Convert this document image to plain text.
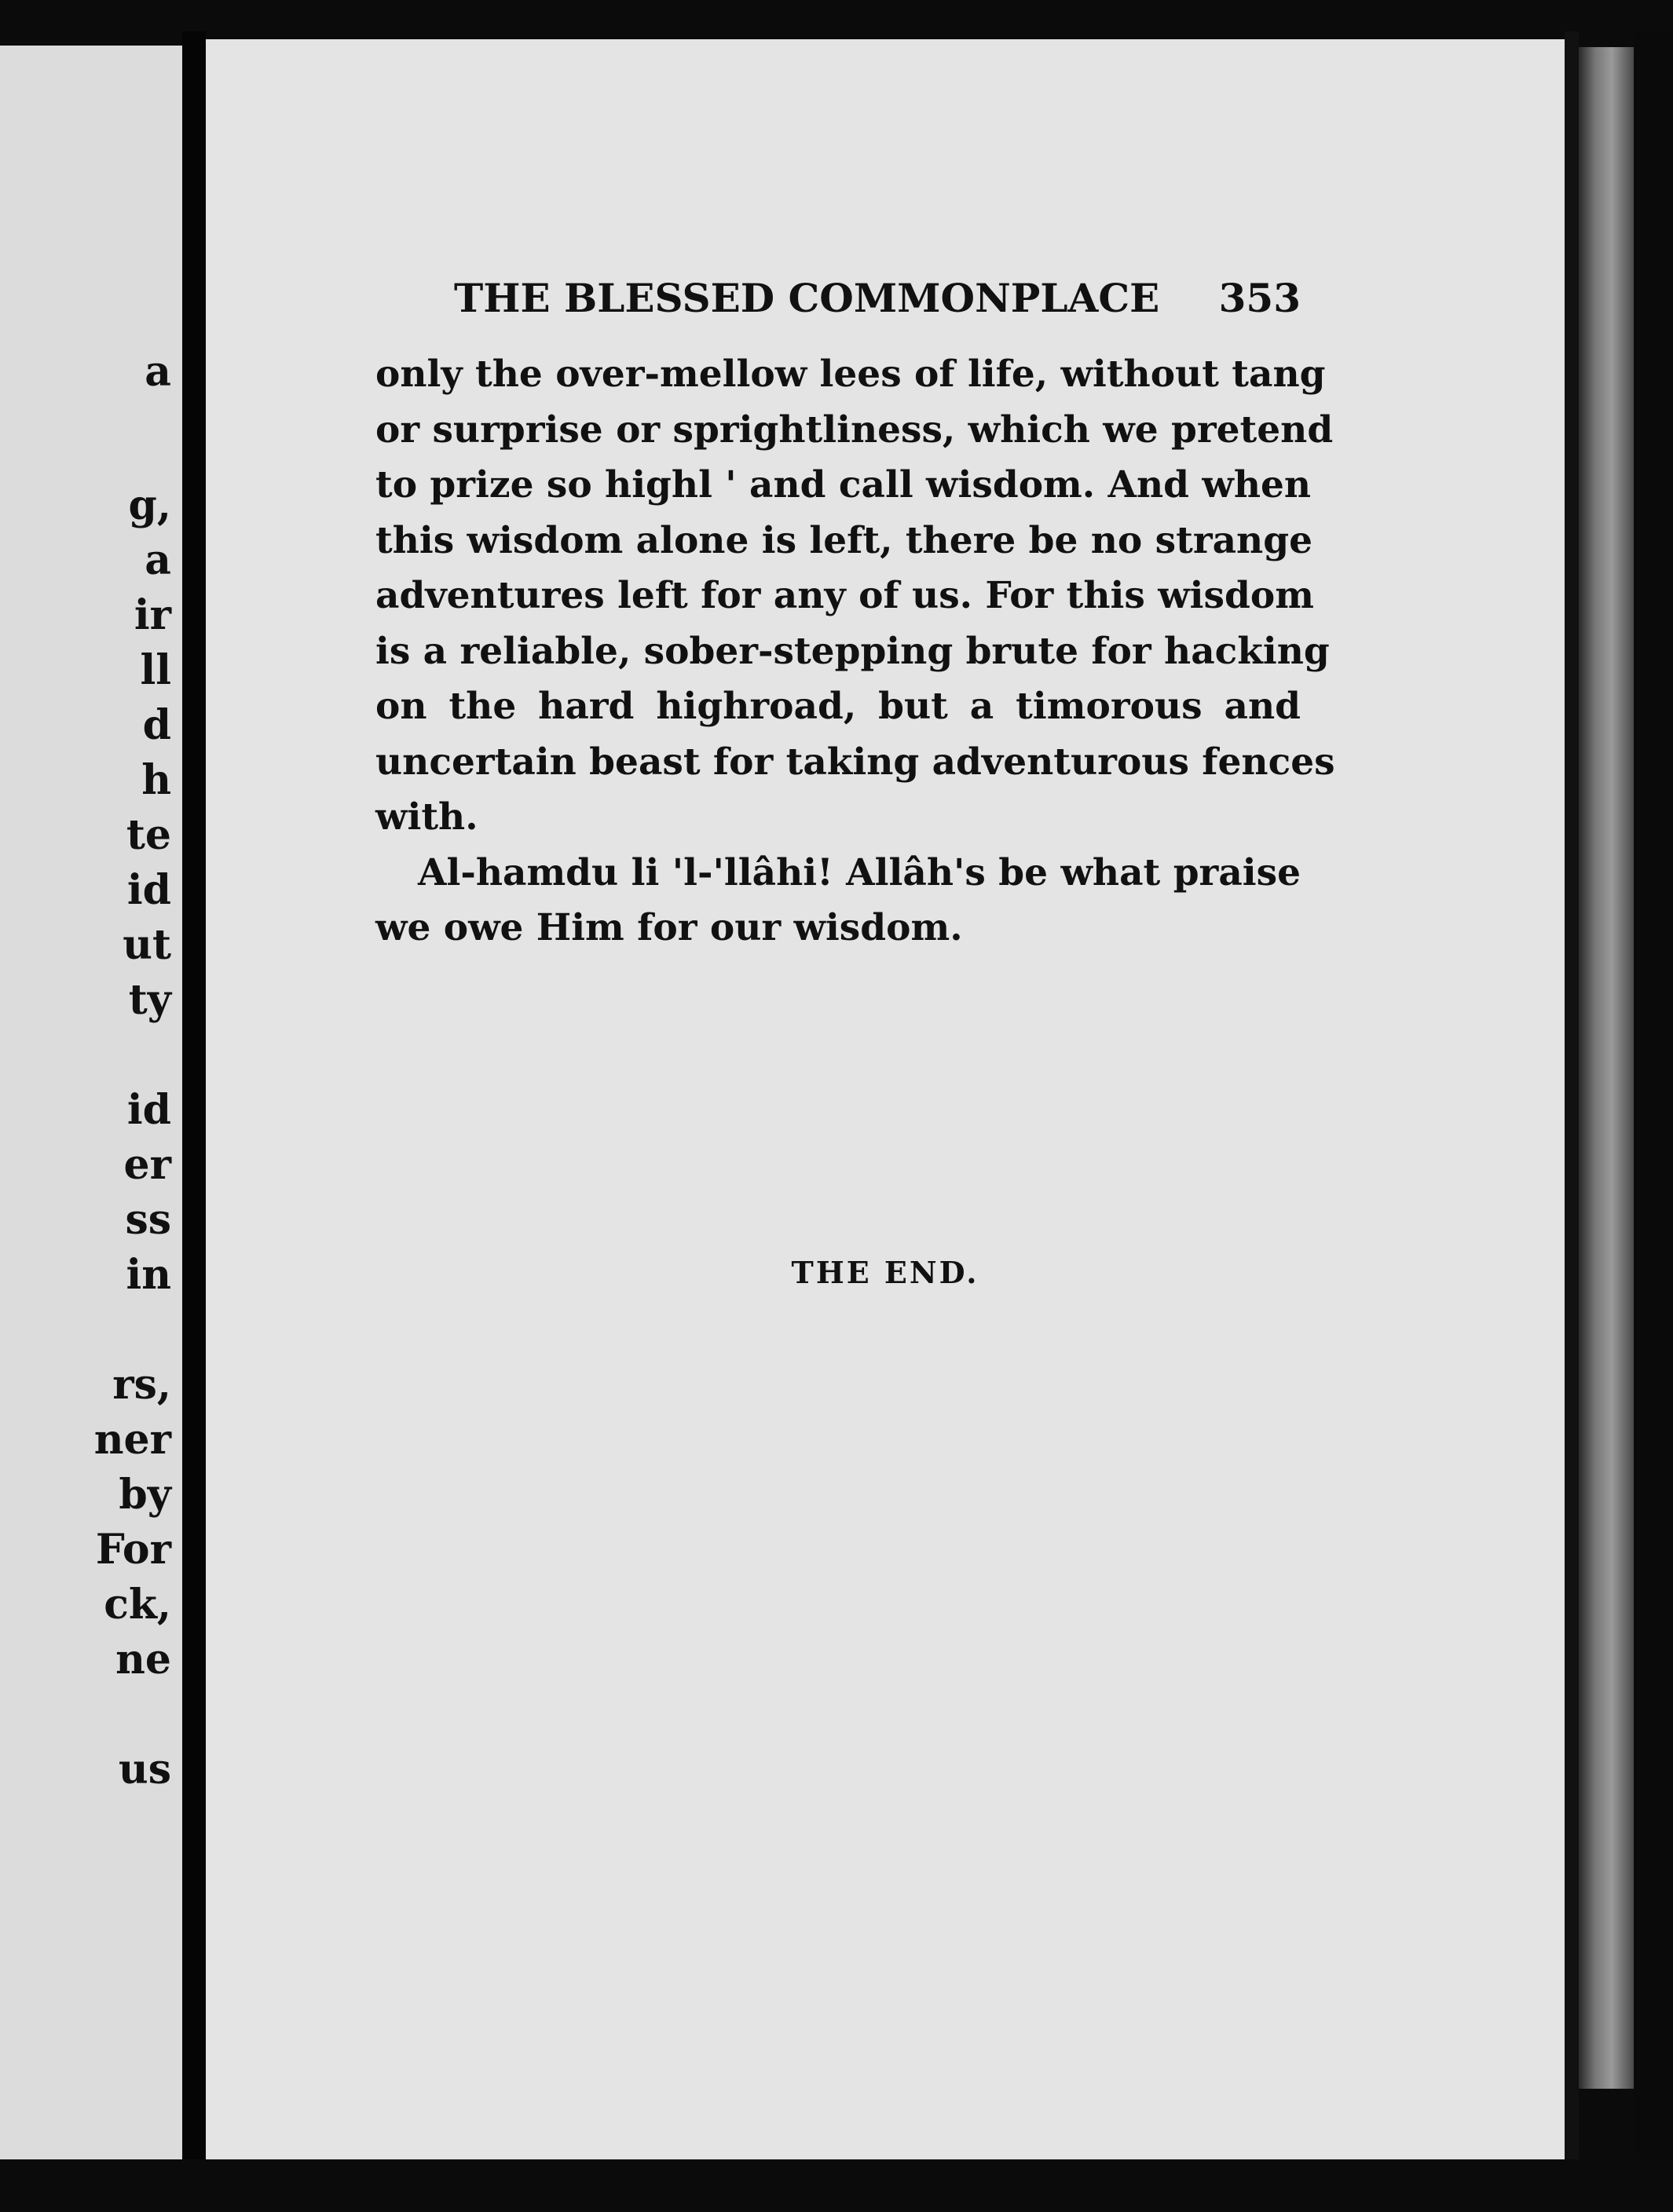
a
g,
a
ir
ll
d
h
te
id
ut
ty
id
er
ss
in
rs,
ner
by
For
ck,
ne
us
THE BLESSED COMMONPLACE 353
only the over-mellow lees of life, without tang
or surprise or sprightliness, which we pretend
to prize so highl ' and call wisdom. And when
this wisdom alone is left, there be no strange
adventures left for any of us. For this wisdom
is a reliable, sober-stepping brute for hacking
on the hard highroad, but a timorous and
uncertain beast for taking adventurous fences
with.
Al-hamdu li 'l-'llâhi! Allâh's be what praise
we owe Him for our wisdom.
THE END.
